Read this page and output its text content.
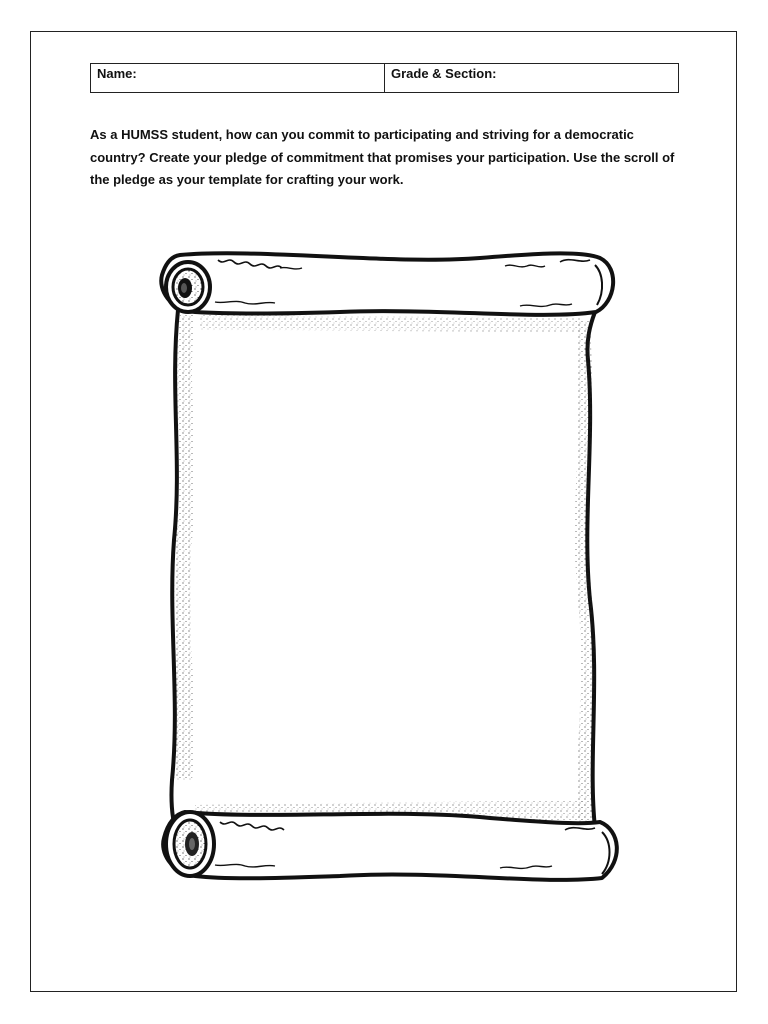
Name:	Grade & Section:

As a HUMSS student, how can you commit to participating and striving for a democratic country? Create your pledge of commitment that promises your participation. Use the scroll of the pledge as your template for crafting your work.
